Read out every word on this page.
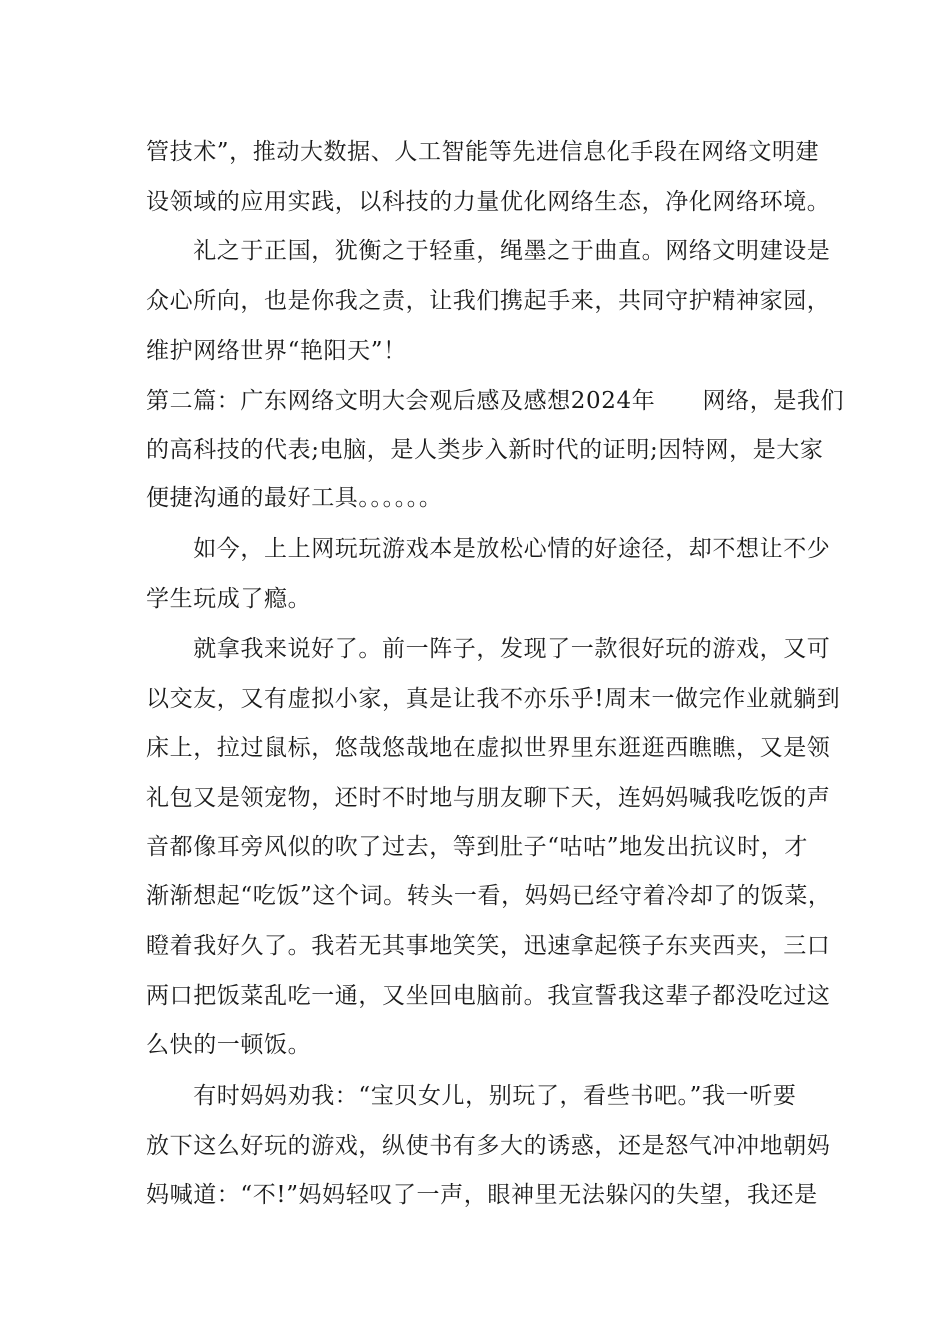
管技术”，推动大数据、人工智能等先进信息化手段在网络文明建
设领域的应用实践，以科技的力量优化网络生态，净化网络环境。
　　礼之于正国，犹衡之于轻重，绳墨之于曲直。网络文明建设是
众心所向，也是你我之责，让我们携起手来，共同守护精神家园，
维护网络世界“艳阳天”！
第二篇：广东网络文明大会观后感及感想2024年　　网络，是我们
的高科技的代表;电脑，是人类步入新时代的证明;因特网，是大家
便捷沟通的最好工具。。。。。。
　　如今，上上网玩玩游戏本是放松心情的好途径，却不想让不少
学生玩成了瘾。
　　就拿我来说好了。前一阵子，发现了一款很好玩的游戏，又可
以交友，又有虚拟小家，真是让我不亦乐乎!周末一做完作业就躺到
床上，拉过鼠标，悠哉悠哉地在虚拟世界里东逛逛西瞧瞧，又是领
礼包又是领宠物，还时不时地与朋友聊下天，连妈妈喊我吃饭的声
音都像耳旁风似的吹了过去，等到肚子“咕咕”地发出抗议时，才
渐渐想起“吃饭”这个词。转头一看，妈妈已经守着冷却了的饭菜，
瞪着我好久了。我若无其事地笑笑，迅速拿起筷子东夹西夹，三口
两口把饭菜乱吃一通，又坐回电脑前。我宣誓我这辈子都没吃过这
么快的一顿饭。
　　有时妈妈劝我：“宝贝女儿，别玩了，看些书吧。”我一听要
放下这么好玩的游戏，纵使书有多大的诱惑，还是怒气冲冲地朝妈
妈喊道：“不!”妈妈轻叹了一声，眼神里无法躲闪的失望，我还是
